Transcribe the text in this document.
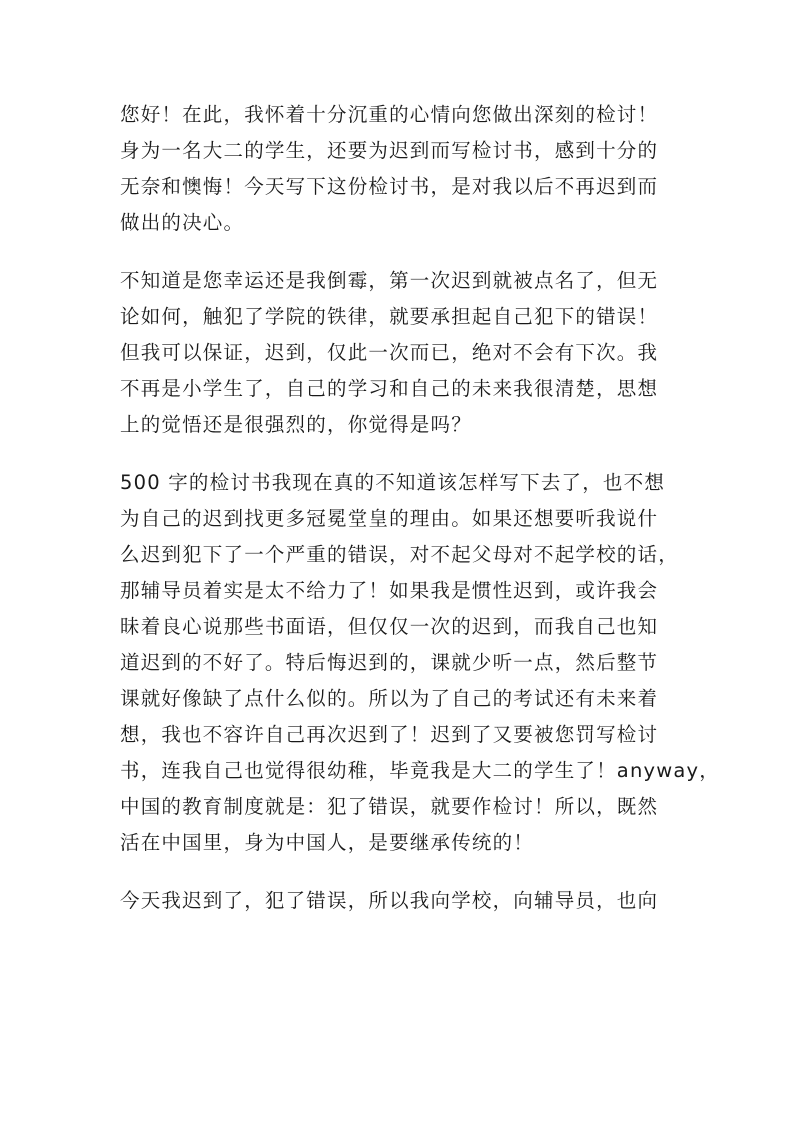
您好！在此，我怀着十分沉重的心情向您做出深刻的检讨！
身为一名大二的学生，还要为迟到而写检讨书，感到十分的
无奈和懊悔！今天写下这份检讨书，是对我以后不再迟到而
做出的决心。
不知道是您幸运还是我倒霉，第一次迟到就被点名了，但无
论如何，触犯了学院的铁律，就要承担起自己犯下的错误！
但我可以保证，迟到，仅此一次而已，绝对不会有下次。我
不再是小学生了，自己的学习和自己的未来我很清楚，思想
上的觉悟还是很强烈的，你觉得是吗？
500 字的检讨书我现在真的不知道该怎样写下去了，也不想
为自己的迟到找更多冠冕堂皇的理由。如果还想要听我说什
么迟到犯下了一个严重的错误，对不起父母对不起学校的话，
那辅导员着实是太不给力了！如果我是惯性迟到，或许我会
昧着良心说那些书面语，但仅仅一次的迟到，而我自己也知
道迟到的不好了。特后悔迟到的，课就少听一点，然后整节
课就好像缺了点什么似的。所以为了自己的考试还有未来着
想，我也不容许自己再次迟到了！迟到了又要被您罚写检讨
书，连我自己也觉得很幼稚，毕竟我是大二的学生了！anyway，
中国的教育制度就是：犯了错误，就要作检讨！所以，既然
活在中国里，身为中国人，是要继承传统的！
今天我迟到了，犯了错误，所以我向学校，向辅导员，也向
